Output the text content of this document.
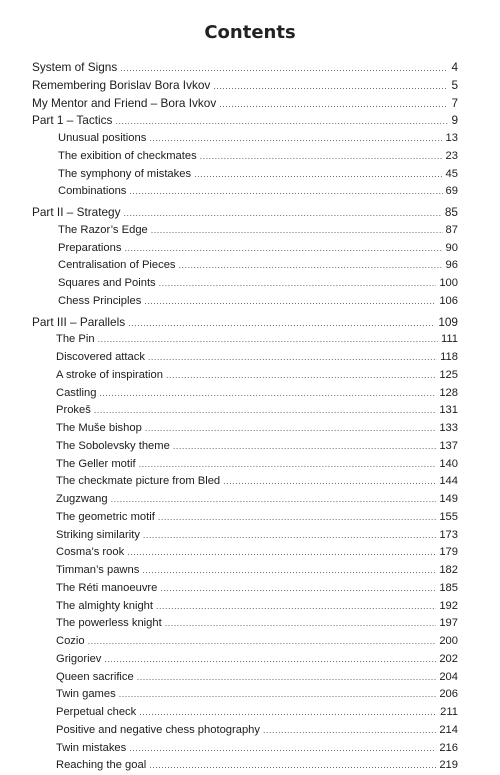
Contents
System of Signs .....	4
Remembering Borislav Bora Ivkov .....	5
My Mentor and Friend – Bora Ivkov .....	7
Part 1 – Tactics .....	9
Unusual positions .....	13
The exibition of checkmates .....	23
The symphony of mistakes .....	45
Combinations .....	69
Part II – Strategy .....	85
The Razor’s Edge .....	87
Preparations .....	90
Centralisation of Pieces .....	96
Squares and Points .....	100
Chess Principles .....	106
Part III – Parallels .....	109
The Pin .....	111
Discovered attack .....	118
A stroke of inspiration .....	125
Castling .....	128
Prokeš .....	131
The Muše bishop .....	133
The Sobolevsky theme .....	137
The Geller motif .....	140
The checkmate picture from Bled .....	144
Zugzwang .....	149
The geometric motif .....	155
Striking similarity .....	173
Cosma’s rook .....	179
Timman’s pawns .....	182
The Réti manoeuvre .....	185
The almighty knight .....	192
The powerless knight .....	197
Cozio .....	200
Grigoriev .....	202
Queen sacrifice .....	204
Twin games .....	206
Perpetual check .....	211
Positive and negative chess photography .....	214
Twin mistakes .....	216
Reaching the goal .....	219
